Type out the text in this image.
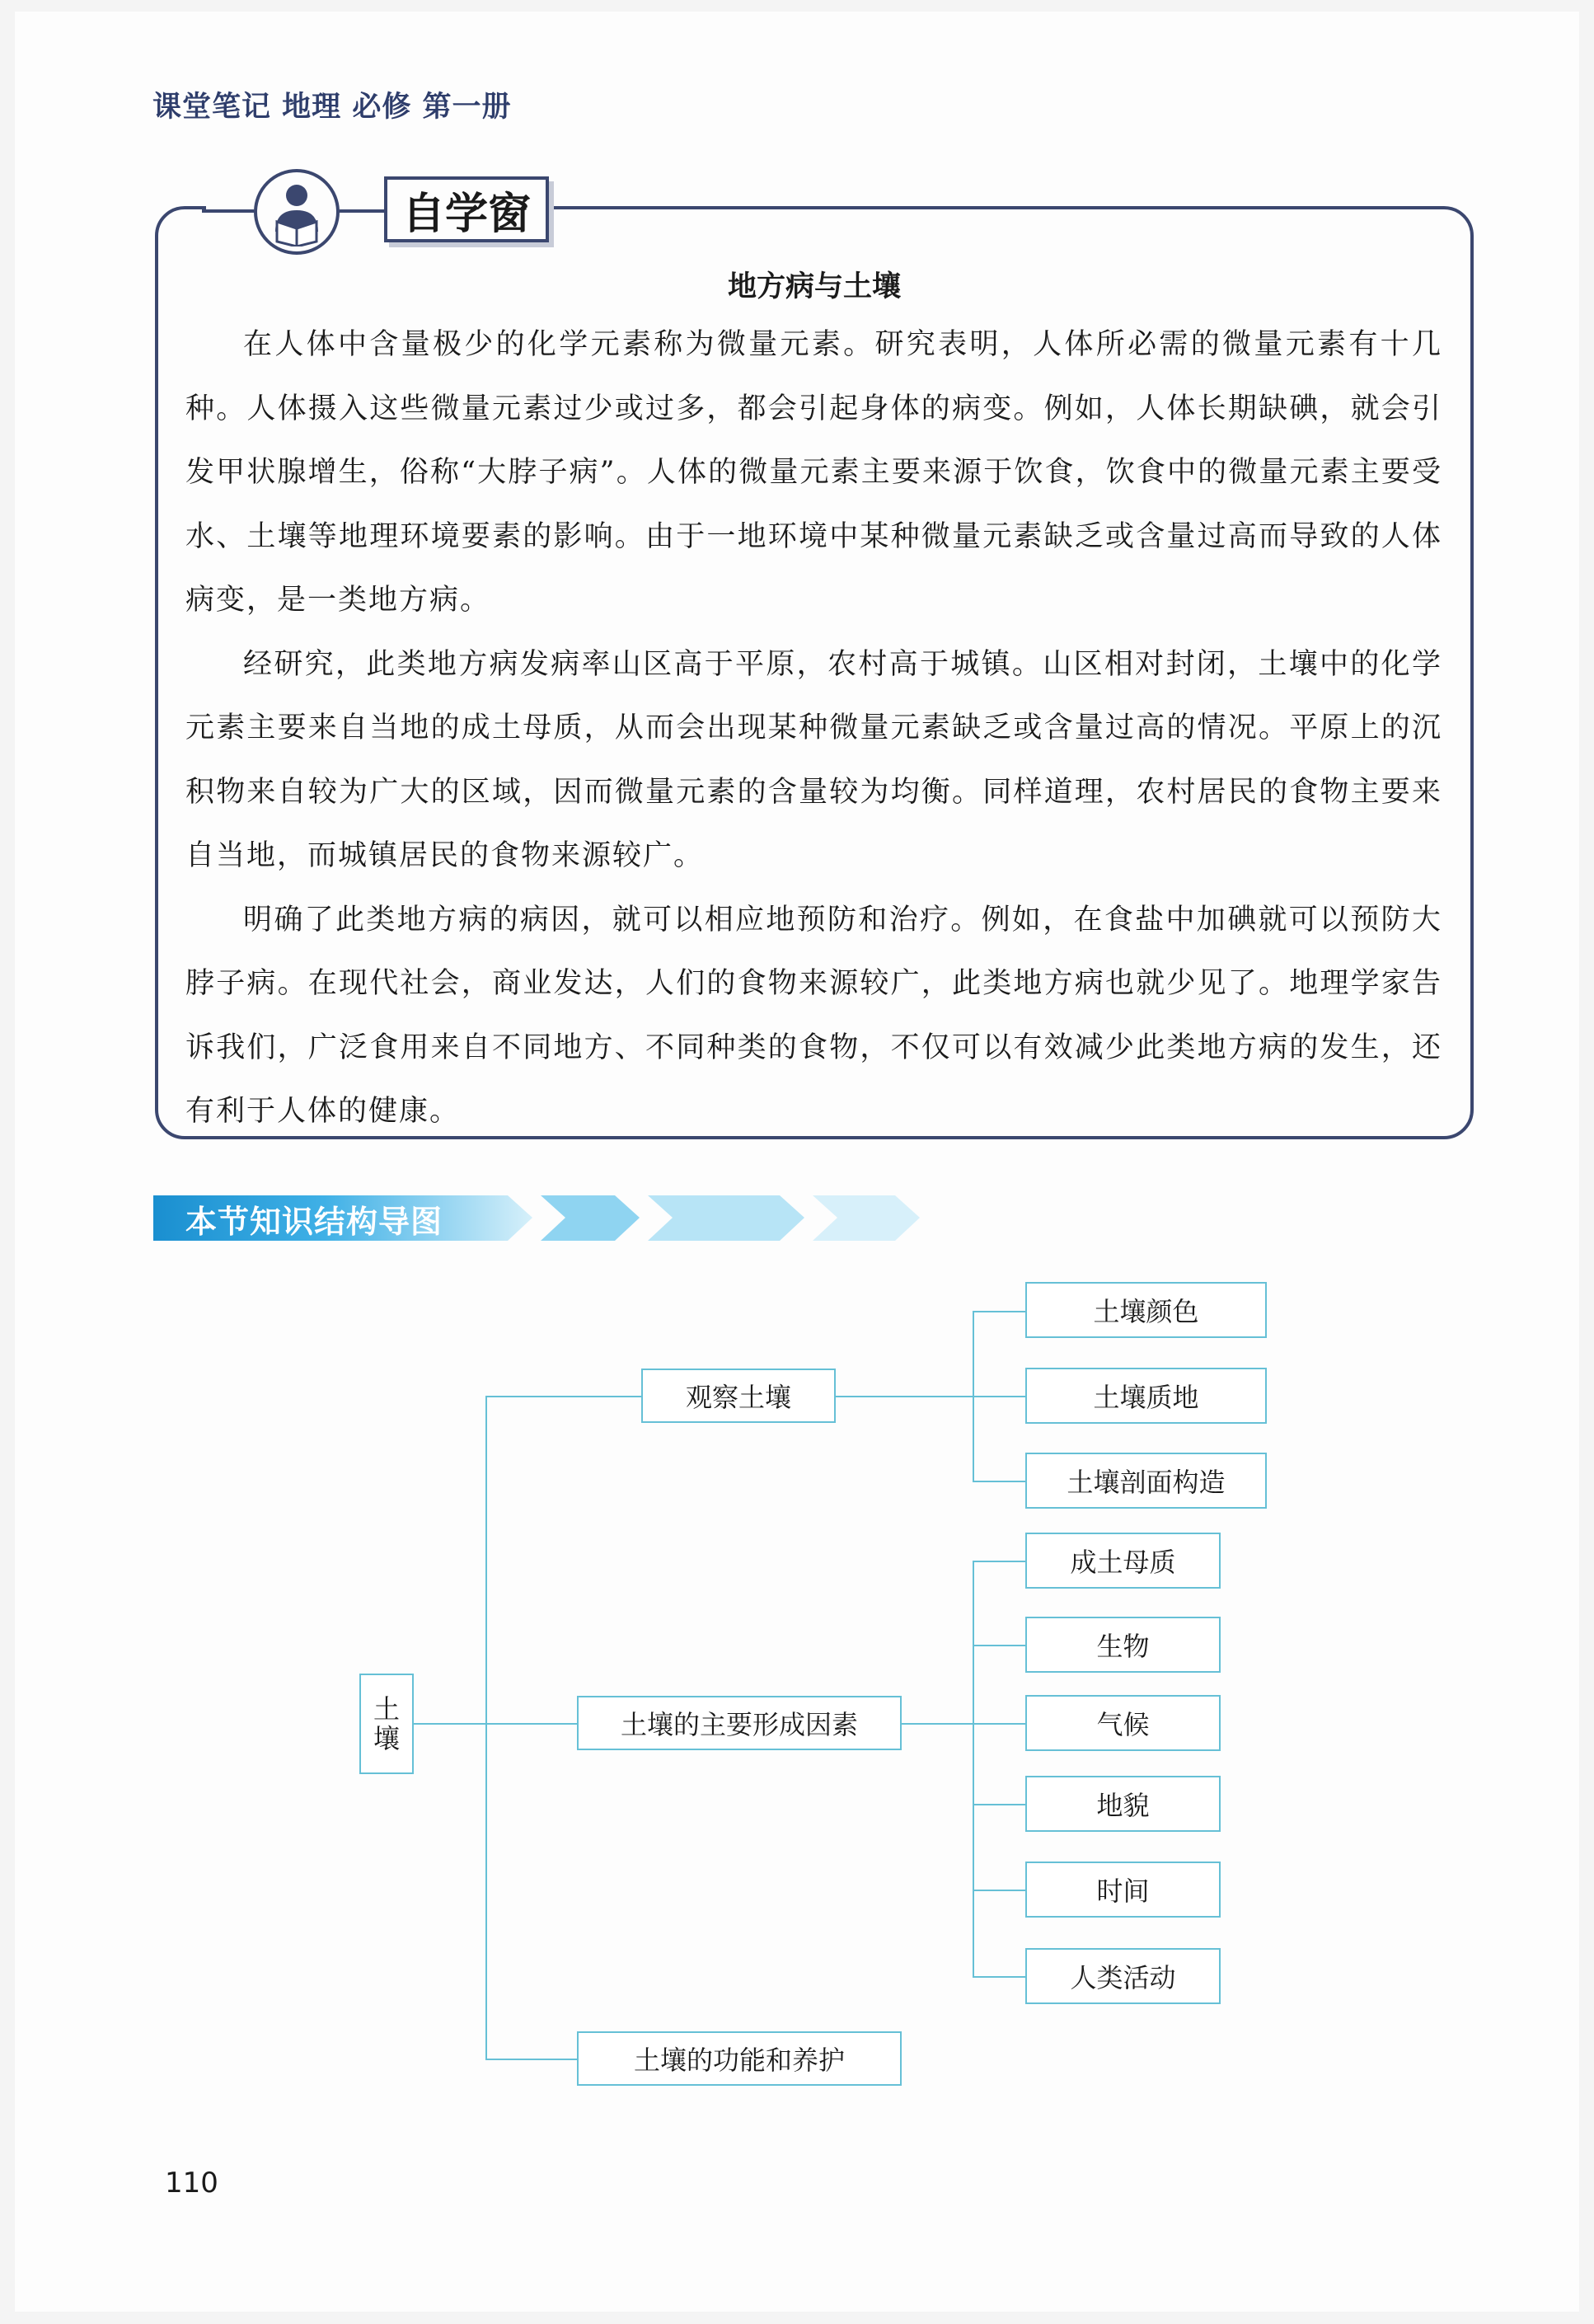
课堂笔记 地理 必修 第一册
自学窗
地方病与土壤

在人体中含量极少的化学元素称为微量元素。研究表明，人体所必需的微量元素有十几种。人体摄入这些微量元素过少或过多，都会引起身体的病变。例如，人体长期缺碘，就会引发甲状腺增生，俗称“大脖子病”。人体的微量元素主要来源于饮食，饮食中的微量元素主要受水、土壤等地理环境要素的影响。由于一地环境中某种微量元素缺乏或含量过高而导致的人体病变，是一类地方病。

经研究，此类地方病发病率山区高于平原，农村高于城镇。山区相对封闭，土壤中的化学元素主要来自当地的成土母质，从而会出现某种微量元素缺乏或含量过高的情况。平原上的沉积物来自较为广大的区域，因而微量元素的含量较为均衡。同样道理，农村居民的食物主要来自当地，而城镇居民的食物来源较广。

明确了此类地方病的病因，就可以相应地预防和治疗。例如，在食盐中加碘就可以预防大脖子病。在现代社会，商业发达，人们的食物来源较广，此类地方病也就少见了。地理学家告诉我们，广泛食用来自不同地方、不同种类的食物，不仅可以有效减少此类地方病的发生，还有利于人体的健康。

本节知识结构导图
土
壤
观察土壤
土壤的主要形成因素
土壤的功能和养护
土壤颜色
土壤质地
土壤剖面构造
成土母质
生物
气候
地貌
时间
人类活动
110
